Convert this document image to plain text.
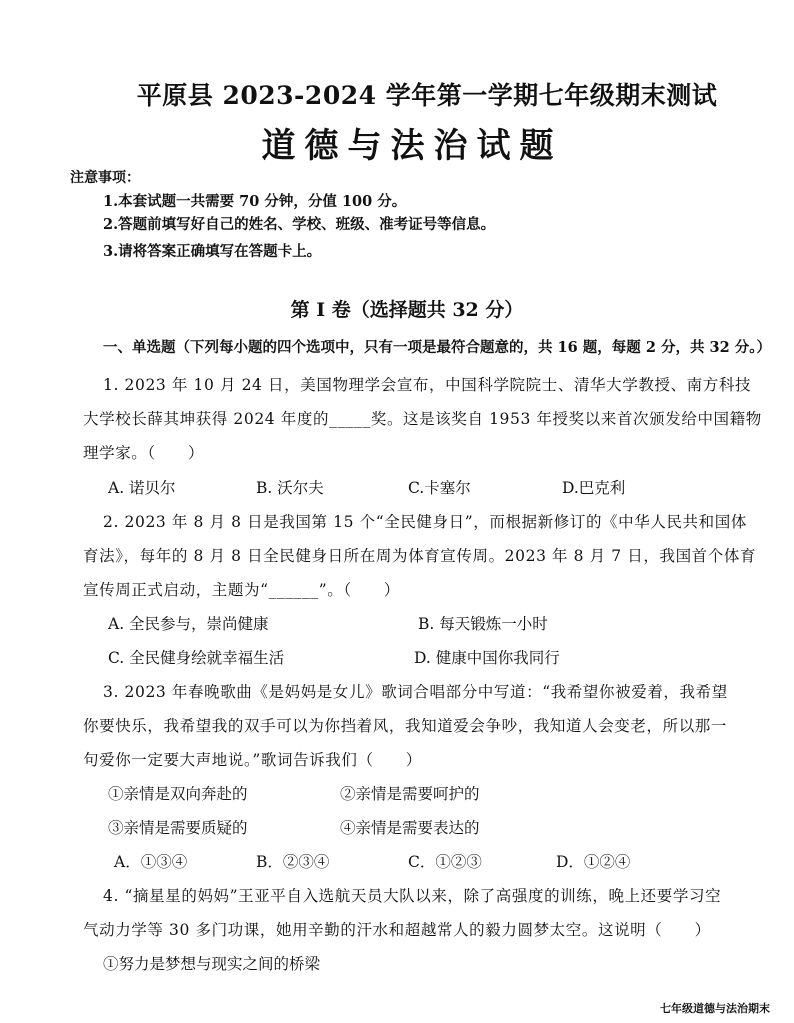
平原县 2023-2024 学年第一学期七年级期末测试
道德与法治试题
注意事项：
1.本套试题一共需要 70 分钟，分值 100 分。
2.答题前填写好自己的姓名、学校、班级、准考证号等信息。
3.请将答案正确填写在答题卡上。
第 I 卷（选择题共 32 分）
一、单选题（下列每小题的四个选项中，只有一项是最符合题意的，共 16 题，每题 2 分，共 32 分。）
1. 2023 年 10 月 24 日，美国物理学会宣布，中国科学院院士、清华大学教授、南方科技
大学校长薛其坤获得 2024 年度的_____奖。这是该奖自 1953 年授奖以来首次颁发给中国籍物
理学家。（　　）
A. 诺贝尔	B. 沃尔夫	C.卡塞尔	D.巴克利
2. 2023 年 8 月 8 日是我国第 15 个“全民健身日”，而根据新修订的《中华人民共和国体
育法》，每年的 8 月 8 日全民健身日所在周为体育宣传周。2023 年 8 月 7 日，我国首个体育
宣传周正式启动，主题为“______”。（　　）
A. 全民参与，崇尚健康	B. 每天锻炼一小时
C. 全民健身绘就幸福生活	D. 健康中国你我同行
3. 2023 年春晚歌曲《是妈妈是女儿》歌词合唱部分中写道：“我希望你被爱着，我希望
你要快乐，我希望我的双手可以为你挡着风，我知道爱会争吵，我知道人会变老，所以那一
句爱你一定要大声地说。”歌词告诉我们（　　）
①亲情是双向奔赴的	②亲情是需要呵护的
③亲情是需要质疑的	④亲情是需要表达的
A．①③④	B．②③④	C．①②③	D．①②④
4. “摘星星的妈妈”王亚平自入选航天员大队以来，除了高强度的训练，晚上还要学习空
气动力学等 30 多门功课，她用辛勤的汗水和超越常人的毅力圆梦太空。这说明（　　）
①努力是梦想与现实之间的桥梁
七年级道德与法治期末
